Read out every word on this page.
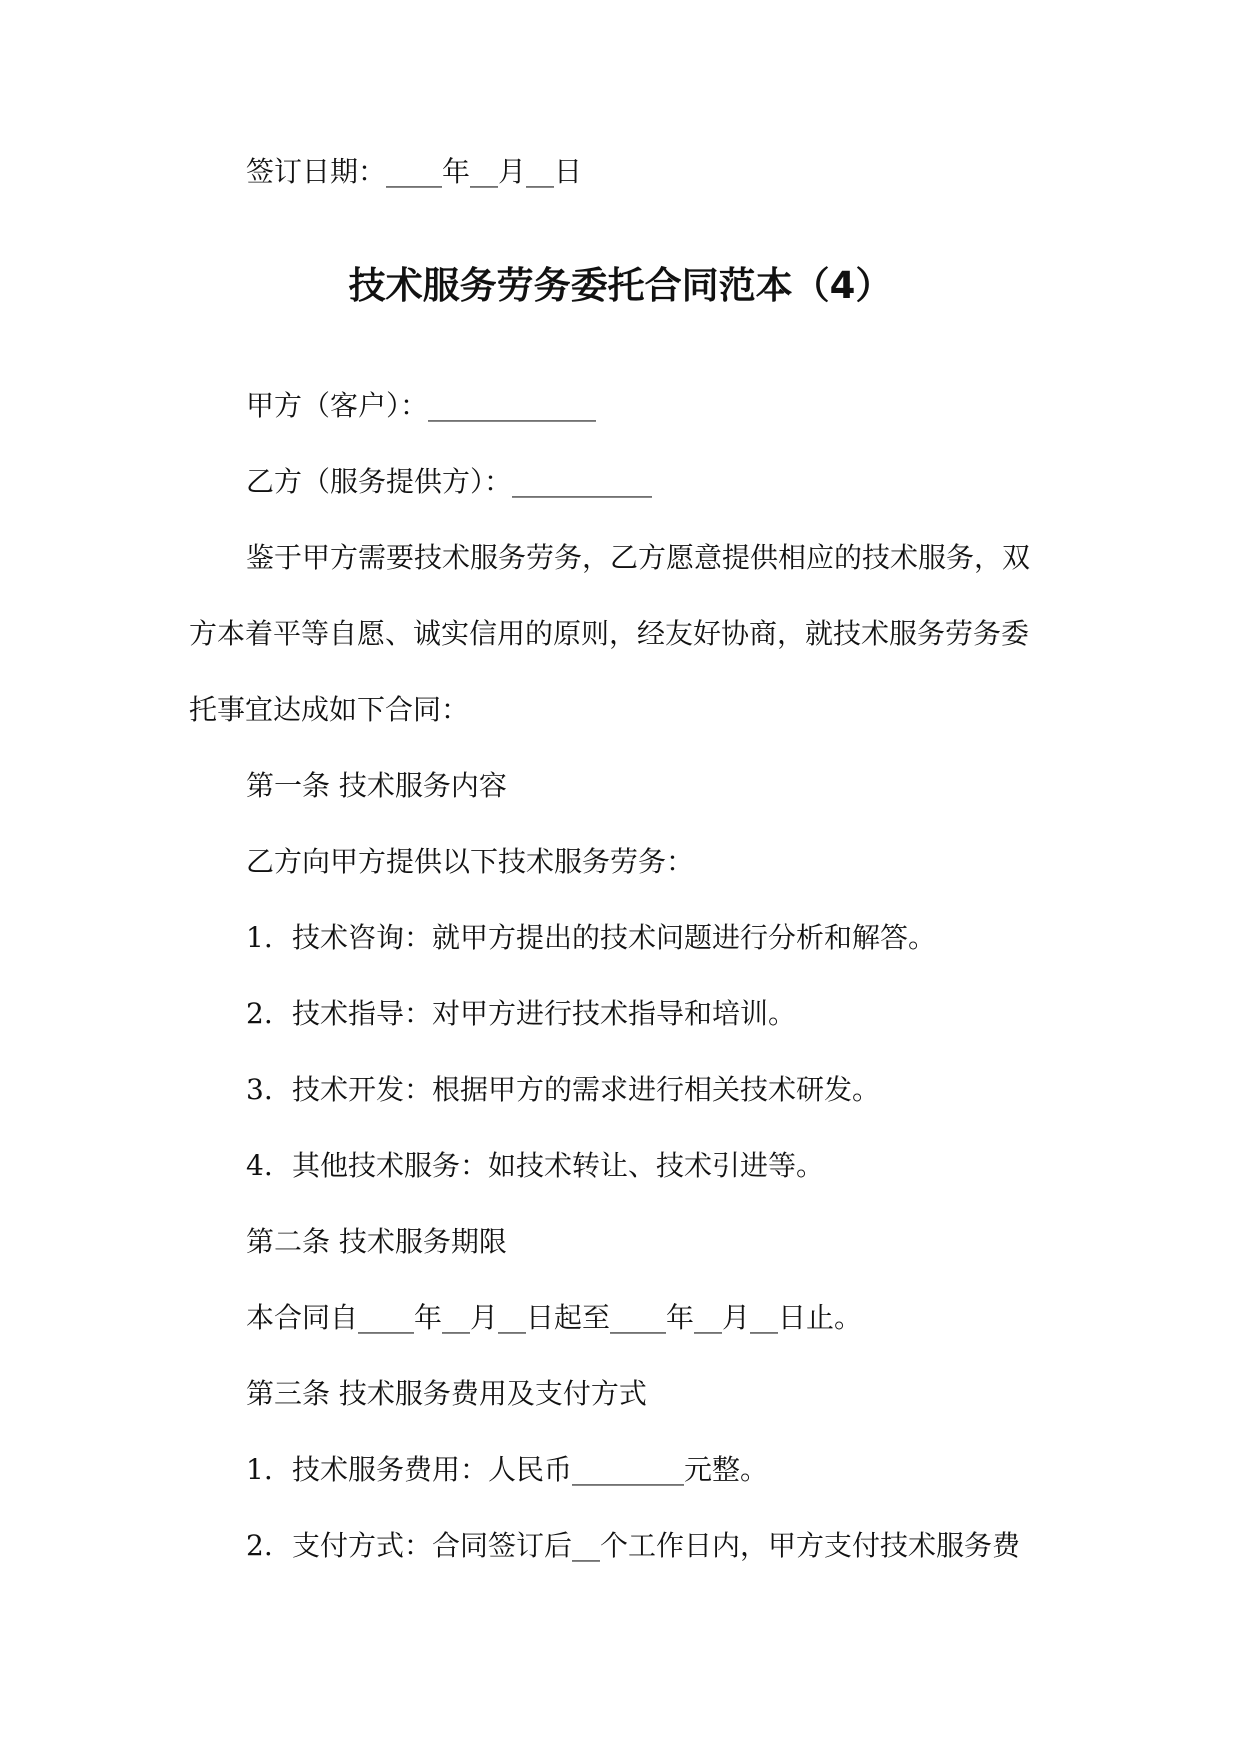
签订日期：____年__月__日
技术服务劳务委托合同范本（4）
甲方（客户）：____________
乙方（服务提供方）：__________
鉴于甲方需要技术服务劳务，乙方愿意提供相应的技术服务，双
方本着平等自愿、诚实信用的原则，经友好协商，就技术服务劳务委
托事宜达成如下合同：
第一条 技术服务内容
乙方向甲方提供以下技术服务劳务：
1. 技术咨询：就甲方提出的技术问题进行分析和解答。
2. 技术指导：对甲方进行技术指导和培训。
3. 技术开发：根据甲方的需求进行相关技术研发。
4. 其他技术服务：如技术转让、技术引进等。
第二条 技术服务期限
本合同自____年__月__日起至____年__月__日止。
第三条 技术服务费用及支付方式
1. 技术服务费用：人民币________元整。
2. 支付方式：合同签订后__个工作日内，甲方支付技术服务费
